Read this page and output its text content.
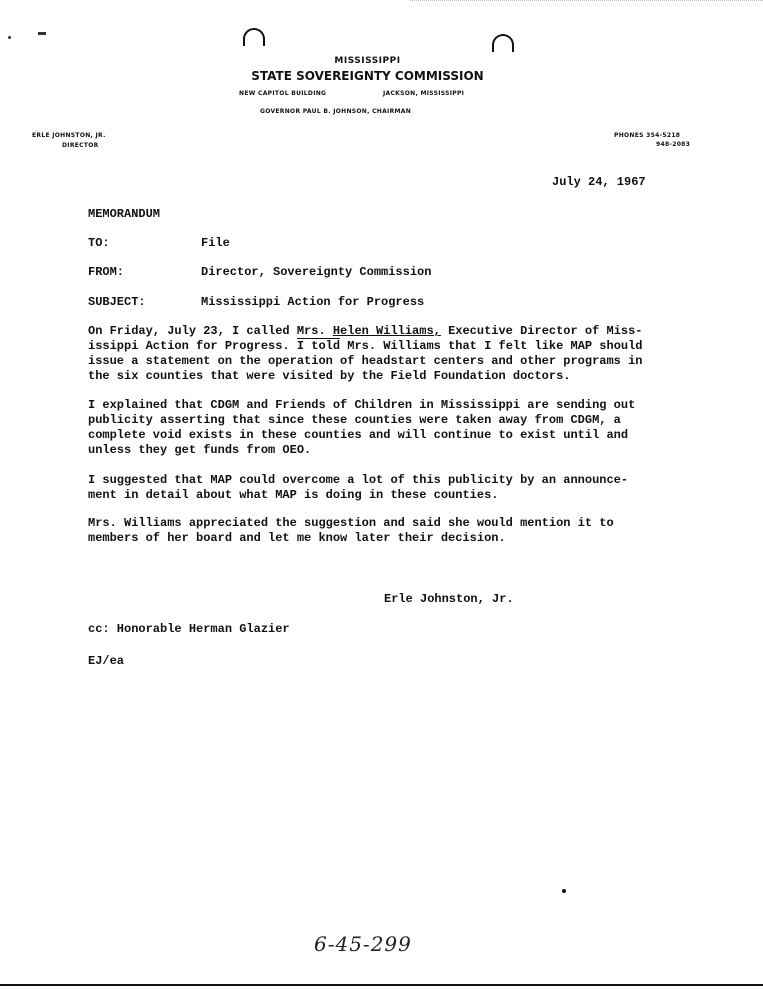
MISSISSIPPI
STATE SOVEREIGNTY COMMISSION
NEW CAPITOL BUILDING	JACKSON, MISSISSIPPI
GOVERNOR PAUL B. JOHNSON, CHAIRMAN
ERLE JOHNSTON, JR.
DIRECTOR
PHONES 354-5218
948-2083
July 24, 1967
MEMORANDUM
TO:	File
FROM:	Director, Sovereignty Commission
SUBJECT:	Mississippi Action for Progress
On Friday, July 23, I called Mrs. Helen Williams, Executive Director of Miss-
issippi Action for Progress. I told Mrs. Williams that I felt like MAP should
issue a statement on the operation of headstart centers and other programs in
the six counties that were visited by the Field Foundation doctors.
I explained that CDGM and Friends of Children in Mississippi are sending out
publicity asserting that since these counties were taken away from CDGM, a
complete void exists in these counties and will continue to exist until and
unless they get funds from OEO.
I suggested that MAP could overcome a lot of this publicity by an announce-
ment in detail about what MAP is doing in these counties.
Mrs. Williams appreciated the suggestion and said she would mention it to
members of her board and let me know later their decision.
Erle Johnston, Jr.
cc: Honorable Herman Glazier
EJ/ea
6-45-299
